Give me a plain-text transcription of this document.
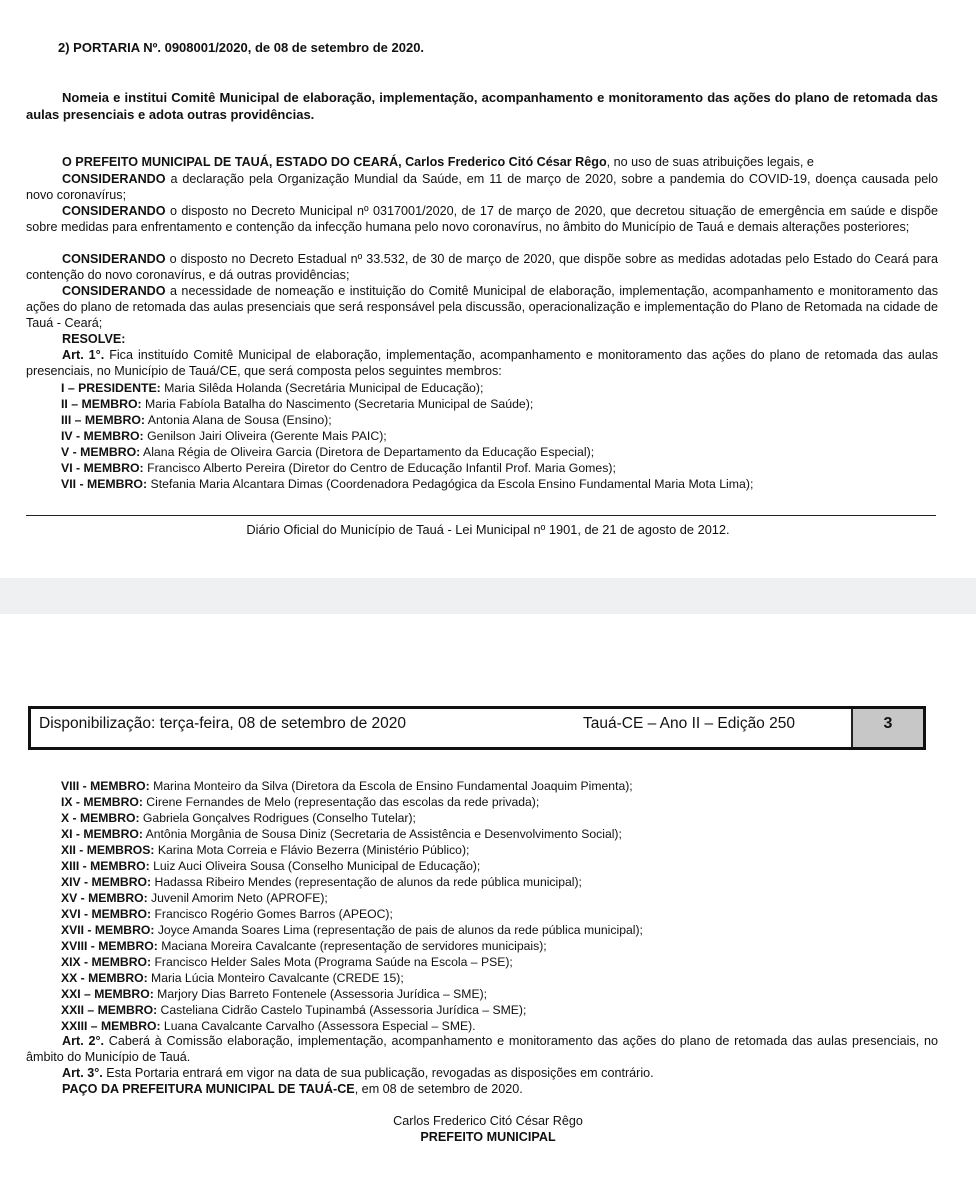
2) PORTARIA Nº. 0908001/2020, de 08 de setembro de 2020.
Nomeia e institui Comitê Municipal de elaboração, implementação, acompanhamento e monitoramento das ações do plano de retomada das aulas presenciais e adota outras providências.
O PREFEITO MUNICIPAL DE TAUÁ, ESTADO DO CEARÁ, Carlos Frederico Citó César Rêgo, no uso de suas atribuições legais, e
CONSIDERANDO a declaração pela Organização Mundial da Saúde, em 11 de março de 2020, sobre a pandemia do COVID-19, doença causada pelo novo coronavírus;
CONSIDERANDO o disposto no Decreto Municipal nº 0317001/2020, de 17 de março de 2020, que decretou situação de emergência em saúde e dispõe sobre medidas para enfrentamento e contenção da infecção humana pelo novo coronavírus, no âmbito do Município de Tauá e demais alterações posteriores;
CONSIDERANDO o disposto no Decreto Estadual nº 33.532, de 30 de março de 2020, que dispõe sobre as medidas adotadas pelo Estado do Ceará para contenção do novo coronavírus, e dá outras providências;
CONSIDERANDO a necessidade de nomeação e instituição do Comitê Municipal de elaboração, implementação, acompanhamento e monitoramento das ações do plano de retomada das aulas presenciais que será responsável pela discussão, operacionalização e implementação do Plano de Retomada na cidade de Tauá - Ceará;
RESOLVE:
Art. 1°. Fica instituído Comitê Municipal de elaboração, implementação, acompanhamento e monitoramento das ações do plano de retomada das aulas presenciais, no Município de Tauá/CE, que será composta pelos seguintes membros:
I – PRESIDENTE: Maria Silêda Holanda (Secretária Municipal de Educação);
II – MEMBRO: Maria Fabíola Batalha do Nascimento (Secretaria Municipal de Saúde);
III – MEMBRO: Antonia Alana de Sousa (Ensino);
IV - MEMBRO: Genilson Jairi Oliveira (Gerente Mais PAIC);
V - MEMBRO: Alana Régia de Oliveira Garcia (Diretora de Departamento da Educação Especial);
VI - MEMBRO: Francisco Alberto Pereira (Diretor do Centro de Educação Infantil Prof. Maria Gomes);
VII - MEMBRO: Stefania Maria Alcantara Dimas (Coordenadora Pedagógica da Escola Ensino Fundamental Maria Mota Lima);
Diário Oficial do Município de Tauá - Lei Municipal nº 1901, de 21 de agosto de 2012.
Disponibilização: terça-feira, 08 de setembro de 2020	Tauá-CE – Ano II – Edição 250	3
VIII - MEMBRO: Marina Monteiro da Silva (Diretora da Escola de Ensino Fundamental Joaquim Pimenta);
IX - MEMBRO: Cirene Fernandes de Melo (representação das escolas da rede privada);
X - MEMBRO: Gabriela Gonçalves Rodrigues (Conselho Tutelar);
XI - MEMBRO: Antônia Morgânia de Sousa Diniz (Secretaria de Assistência e Desenvolvimento Social);
XII - MEMBROS: Karina Mota Correia e Flávio Bezerra (Ministério Público);
XIII - MEMBRO: Luiz Auci Oliveira Sousa (Conselho Municipal de Educação);
XIV - MEMBRO: Hadassa Ribeiro Mendes (representação de alunos da rede pública municipal);
XV - MEMBRO: Juvenil Amorim Neto (APROFE);
XVI - MEMBRO: Francisco Rogério Gomes Barros (APEOC);
XVII - MEMBRO: Joyce Amanda Soares Lima (representação de pais de alunos da rede pública municipal);
XVIII - MEMBRO: Maciana Moreira Cavalcante (representação de servidores municipais);
XIX - MEMBRO: Francisco Helder Sales Mota (Programa Saúde na Escola – PSE);
XX - MEMBRO: Maria Lúcia Monteiro Cavalcante (CREDE 15);
XXI – MEMBRO: Marjory Dias Barreto Fontenele (Assessoria Jurídica – SME);
XXII – MEMBRO: Casteliana Cidrão Castelo Tupinambá (Assessoria Jurídica – SME);
XXIII – MEMBRO: Luana Cavalcante Carvalho (Assessora Especial – SME).
Art. 2°. Caberá à Comissão elaboração, implementação, acompanhamento e monitoramento das ações do plano de retomada das aulas presenciais, no âmbito do Município de Tauá.
Art. 3°. Esta Portaria entrará em vigor na data de sua publicação, revogadas as disposições em contrário.
PAÇO DA PREFEITURA MUNICIPAL DE TAUÁ-CE, em 08 de setembro de 2020.
Carlos Frederico Citó César Rêgo
PREFEITO MUNICIPAL
